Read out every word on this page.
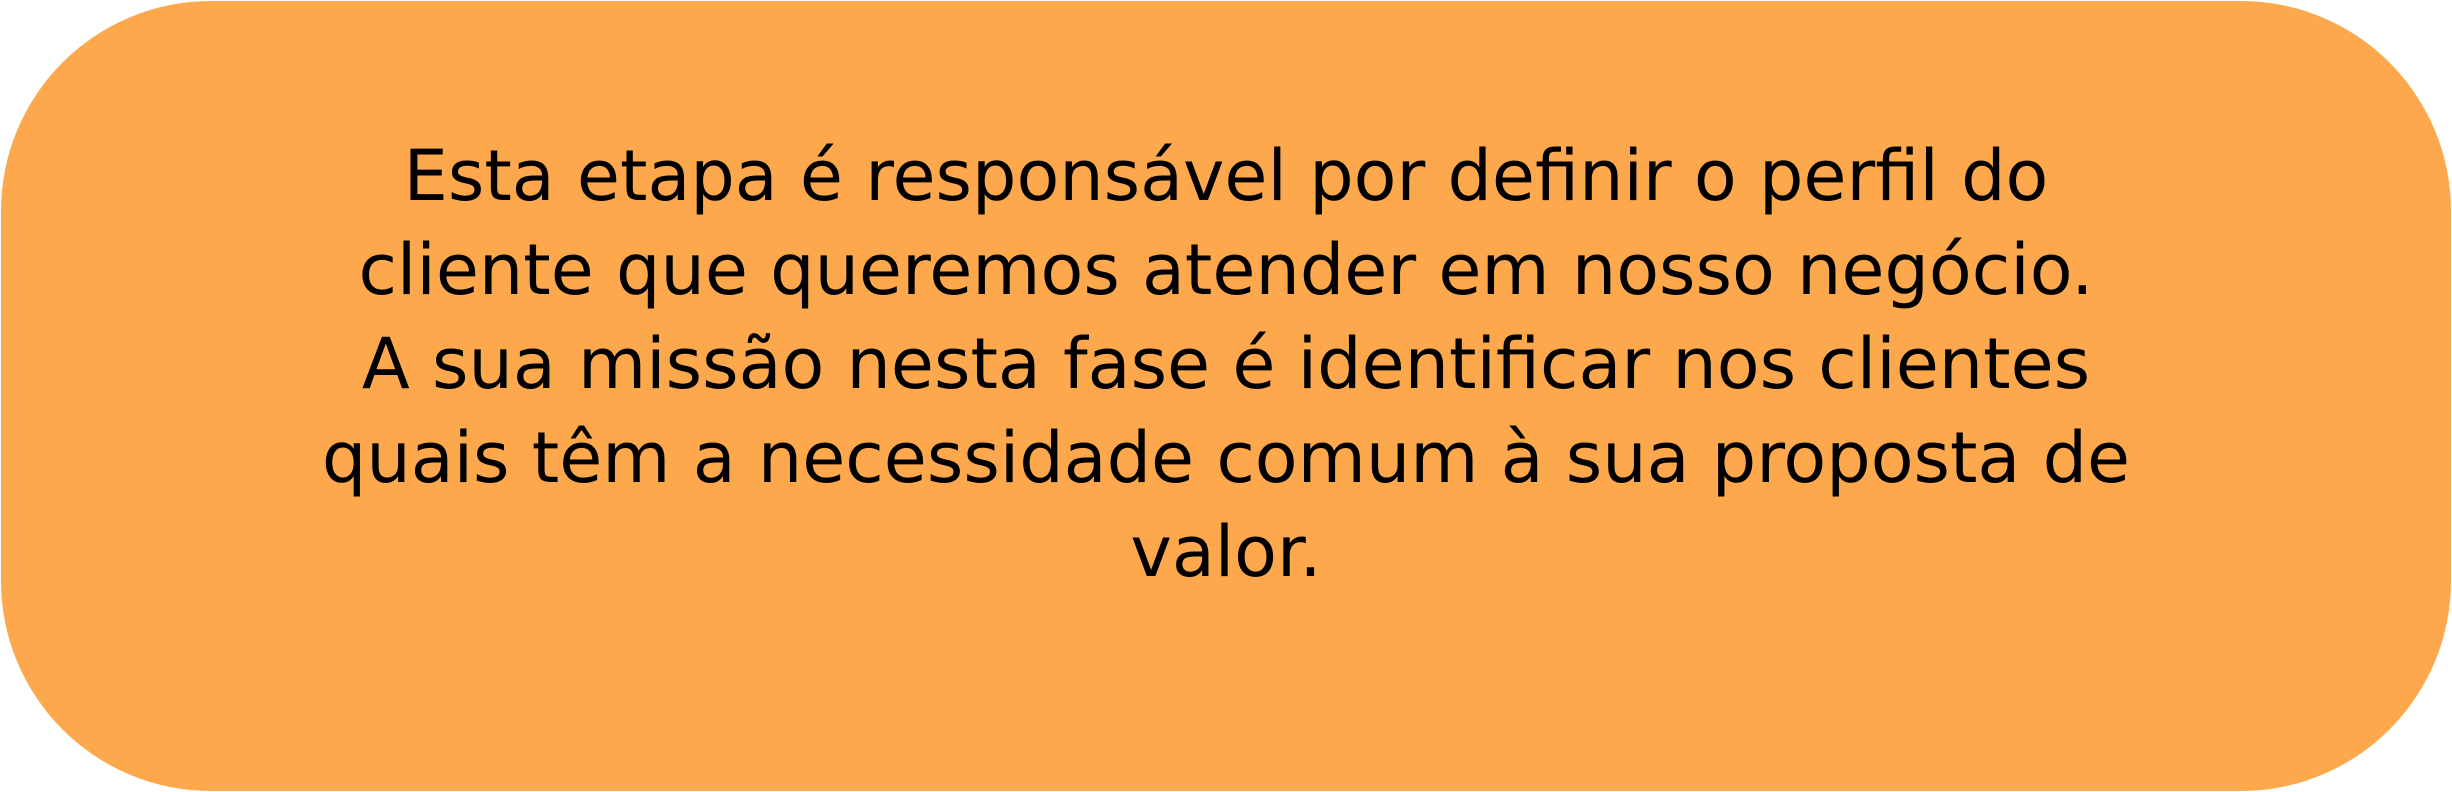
Esta etapa é responsável por definir o perfil do
cliente que queremos atender em nosso negócio.
A sua missão nesta fase é identificar nos clientes
quais têm a necessidade comum à sua proposta de
valor.
